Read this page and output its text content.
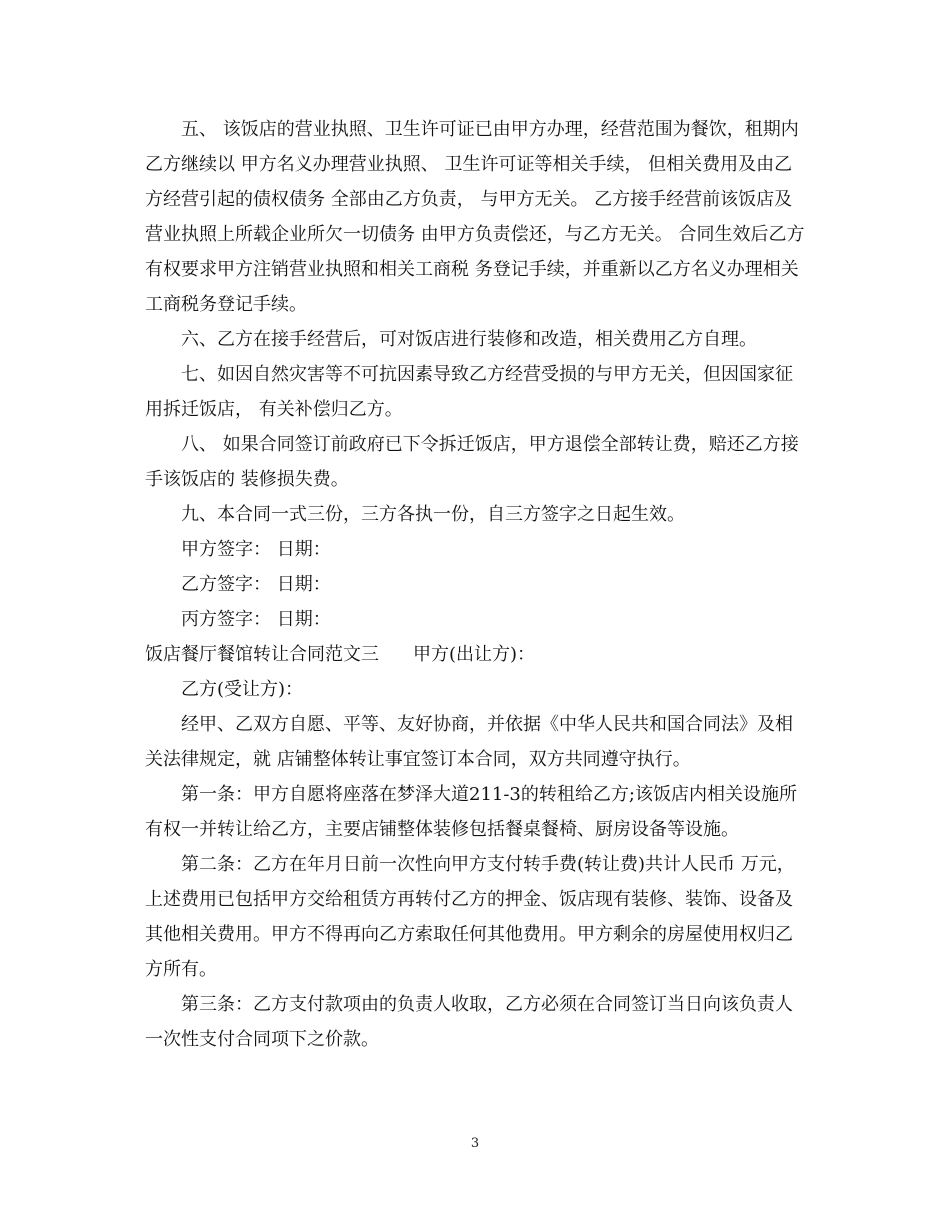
五、 该饭店的营业执照、卫生许可证已由甲方办理，经营范围为餐饮，租期内乙方继续以 甲方名义办理营业执照、 卫生许可证等相关手续， 但相关费用及由乙方经营引起的债权债务 全部由乙方负责， 与甲方无关。 乙方接手经营前该饭店及营业执照上所载企业所欠一切债务 由甲方负责偿还，与乙方无关。 合同生效后乙方有权要求甲方注销营业执照和相关工商税 务登记手续，并重新以乙方名义办理相关工商税务登记手续。

六、乙方在接手经营后，可对饭店进行装修和改造，相关费用乙方自理。

七、如因自然灾害等不可抗因素导致乙方经营受损的与甲方无关，但因国家征用拆迁饭店， 有关补偿归乙方。

八、 如果合同签订前政府已下令拆迁饭店，甲方退偿全部转让费，赔还乙方接手该饭店的 装修损失费。

九、本合同一式三份，三方各执一份，自三方签字之日起生效。

甲方签字： 日期：

乙方签字： 日期：

丙方签字： 日期：

饭店餐厅餐馆转让合同范文三 甲方(出让方)：

乙方(受让方)：

经甲、乙双方自愿、平等、友好协商，并依据《中华人民共和国合同法》及相关法律规定，就 店铺整体转让事宜签订本合同，双方共同遵守执行。

第一条：甲方自愿将座落在梦泽大道211-3的转租给乙方;该饭店内相关设施所有权一并转让给乙方，主要店铺整体装修包括餐桌餐椅、厨房设备等设施。

第二条：乙方在年月日前一次性向甲方支付转手费(转让费)共计人民币 万元，上述费用已包括甲方交给租赁方再转付乙方的押金、饭店现有装修、装饰、设备及其他相关费用。甲方不得再向乙方索取任何其他费用。甲方剩余的房屋使用权归乙方所有。

第三条：乙方支付款项由的负责人收取，乙方必须在合同签订当日向该负责人一次性支付合同项下之价款。

3
